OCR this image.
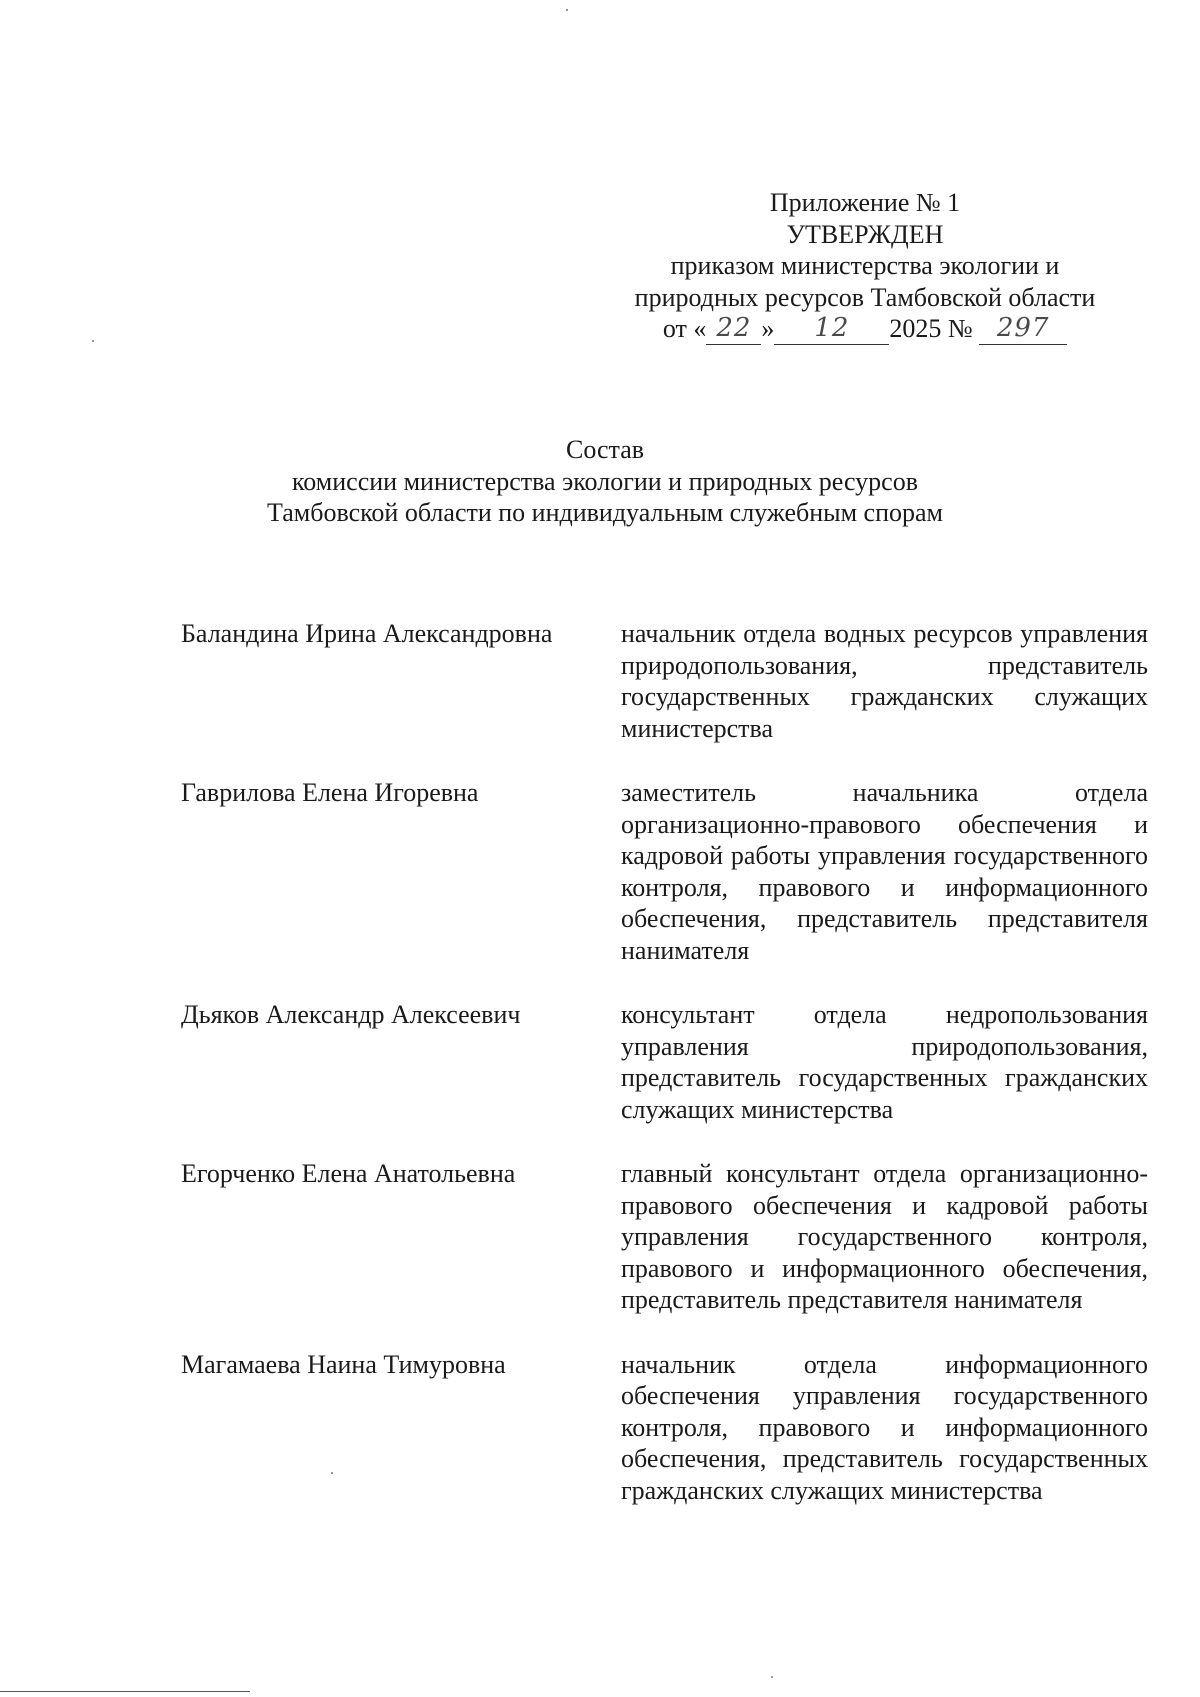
Приложение № 1
УТВЕРЖДЕН
приказом министерства экологии и
природных ресурсов Тамбовской области
от « 22 » 12 2025 № 297
Состав
комиссии министерства экологии и природных ресурсов
Тамбовской области по индивидуальным служебным спорам
Баландина Ирина Александровна	начальник отдела водных ресурсов управления природопользования, представитель государственных гражданских служащих министерства
Гаврилова Елена Игоревна	заместитель начальника отдела организационно-правового обеспечения и кадровой работы управления государственного контроля, правового и информационного обеспечения, представитель представителя нанимателя
Дьяков Александр Алексеевич	консультант отдела недропользования управления природопользования, представитель государственных гражданских служащих министерства
Егорченко Елена Анатольевна	главный консультант отдела организационно-правового обеспечения и кадровой работы управления государственного контроля, правового и информационного обеспечения, представитель представителя нанимателя
Магамаева Наина Тимуровна	начальник отдела информационного обеспечения управления государственного контроля, правового и информационного обеспечения, представитель государственных гражданских служащих министерства
